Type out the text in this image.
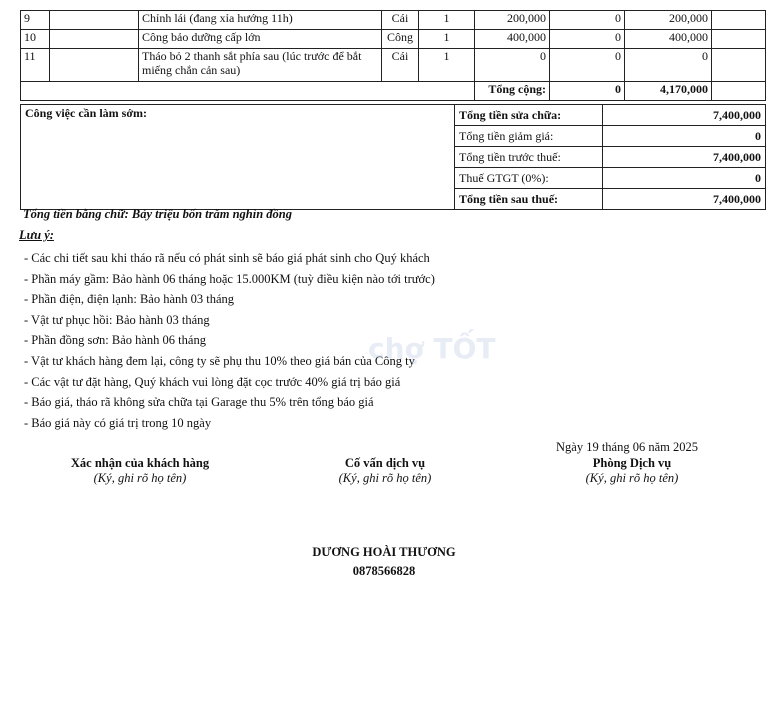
9		Chỉnh lái (đang xỉa hướng 11h)	Cái	1	200,000	0	200,000	
10		Công bảo dưỡng cấp lớn	Công	1	400,000	0	400,000	
11		Tháo bỏ 2 thanh sắt phía sau (lúc trước để bắt miếng chắn cản sau)	Cái	1	0	0	0	
					Tổng cộng:	0	4,170,000	
Công việc cần làm sớm:	Tổng tiền sửa chữa:	7,400,000
	Tổng tiền giảm giá:	0
	Tổng tiền trước thuế:	7,400,000
	Thuế GTGT (0%):	0
	Tổng tiền sau thuế:	7,400,000
Tổng tiền bằng chữ: Bảy triệu bốn trăm nghìn đồng
Lưu ý:
- Các chi tiết sau khi tháo rã nếu có phát sinh sẽ báo giá phát sinh cho Quý khách
- Phần máy gầm: Bảo hành 06 tháng hoặc 15.000KM (tuỳ điều kiện nào tới trước)
- Phần điện, điện lạnh: Bảo hành 03 tháng
- Vật tư phục hồi: Bảo hành 03 tháng
- Phần đồng sơn: Bảo hành 06 tháng
- Vật tư khách hàng đem lại, công ty sẽ phụ thu 10% theo giá bán của Công ty
- Các vật tư đặt hàng, Quý khách vui lòng đặt cọc trước 40% giá trị báo giá
- Báo giá, tháo rã không sửa chữa tại Garage thu 5% trên tổng báo giá
- Báo giá này có giá trị trong 10 ngày
chợ TỐT
Ngày 19 tháng 06 năm 2025
Xác nhận của khách hàng
(Ký, ghi rõ họ tên)
Cố vấn dịch vụ
(Ký, ghi rõ họ tên)
Phòng Dịch vụ
(Ký, ghi rõ họ tên)
DƯƠNG HOÀI THƯƠNG
0878566828
